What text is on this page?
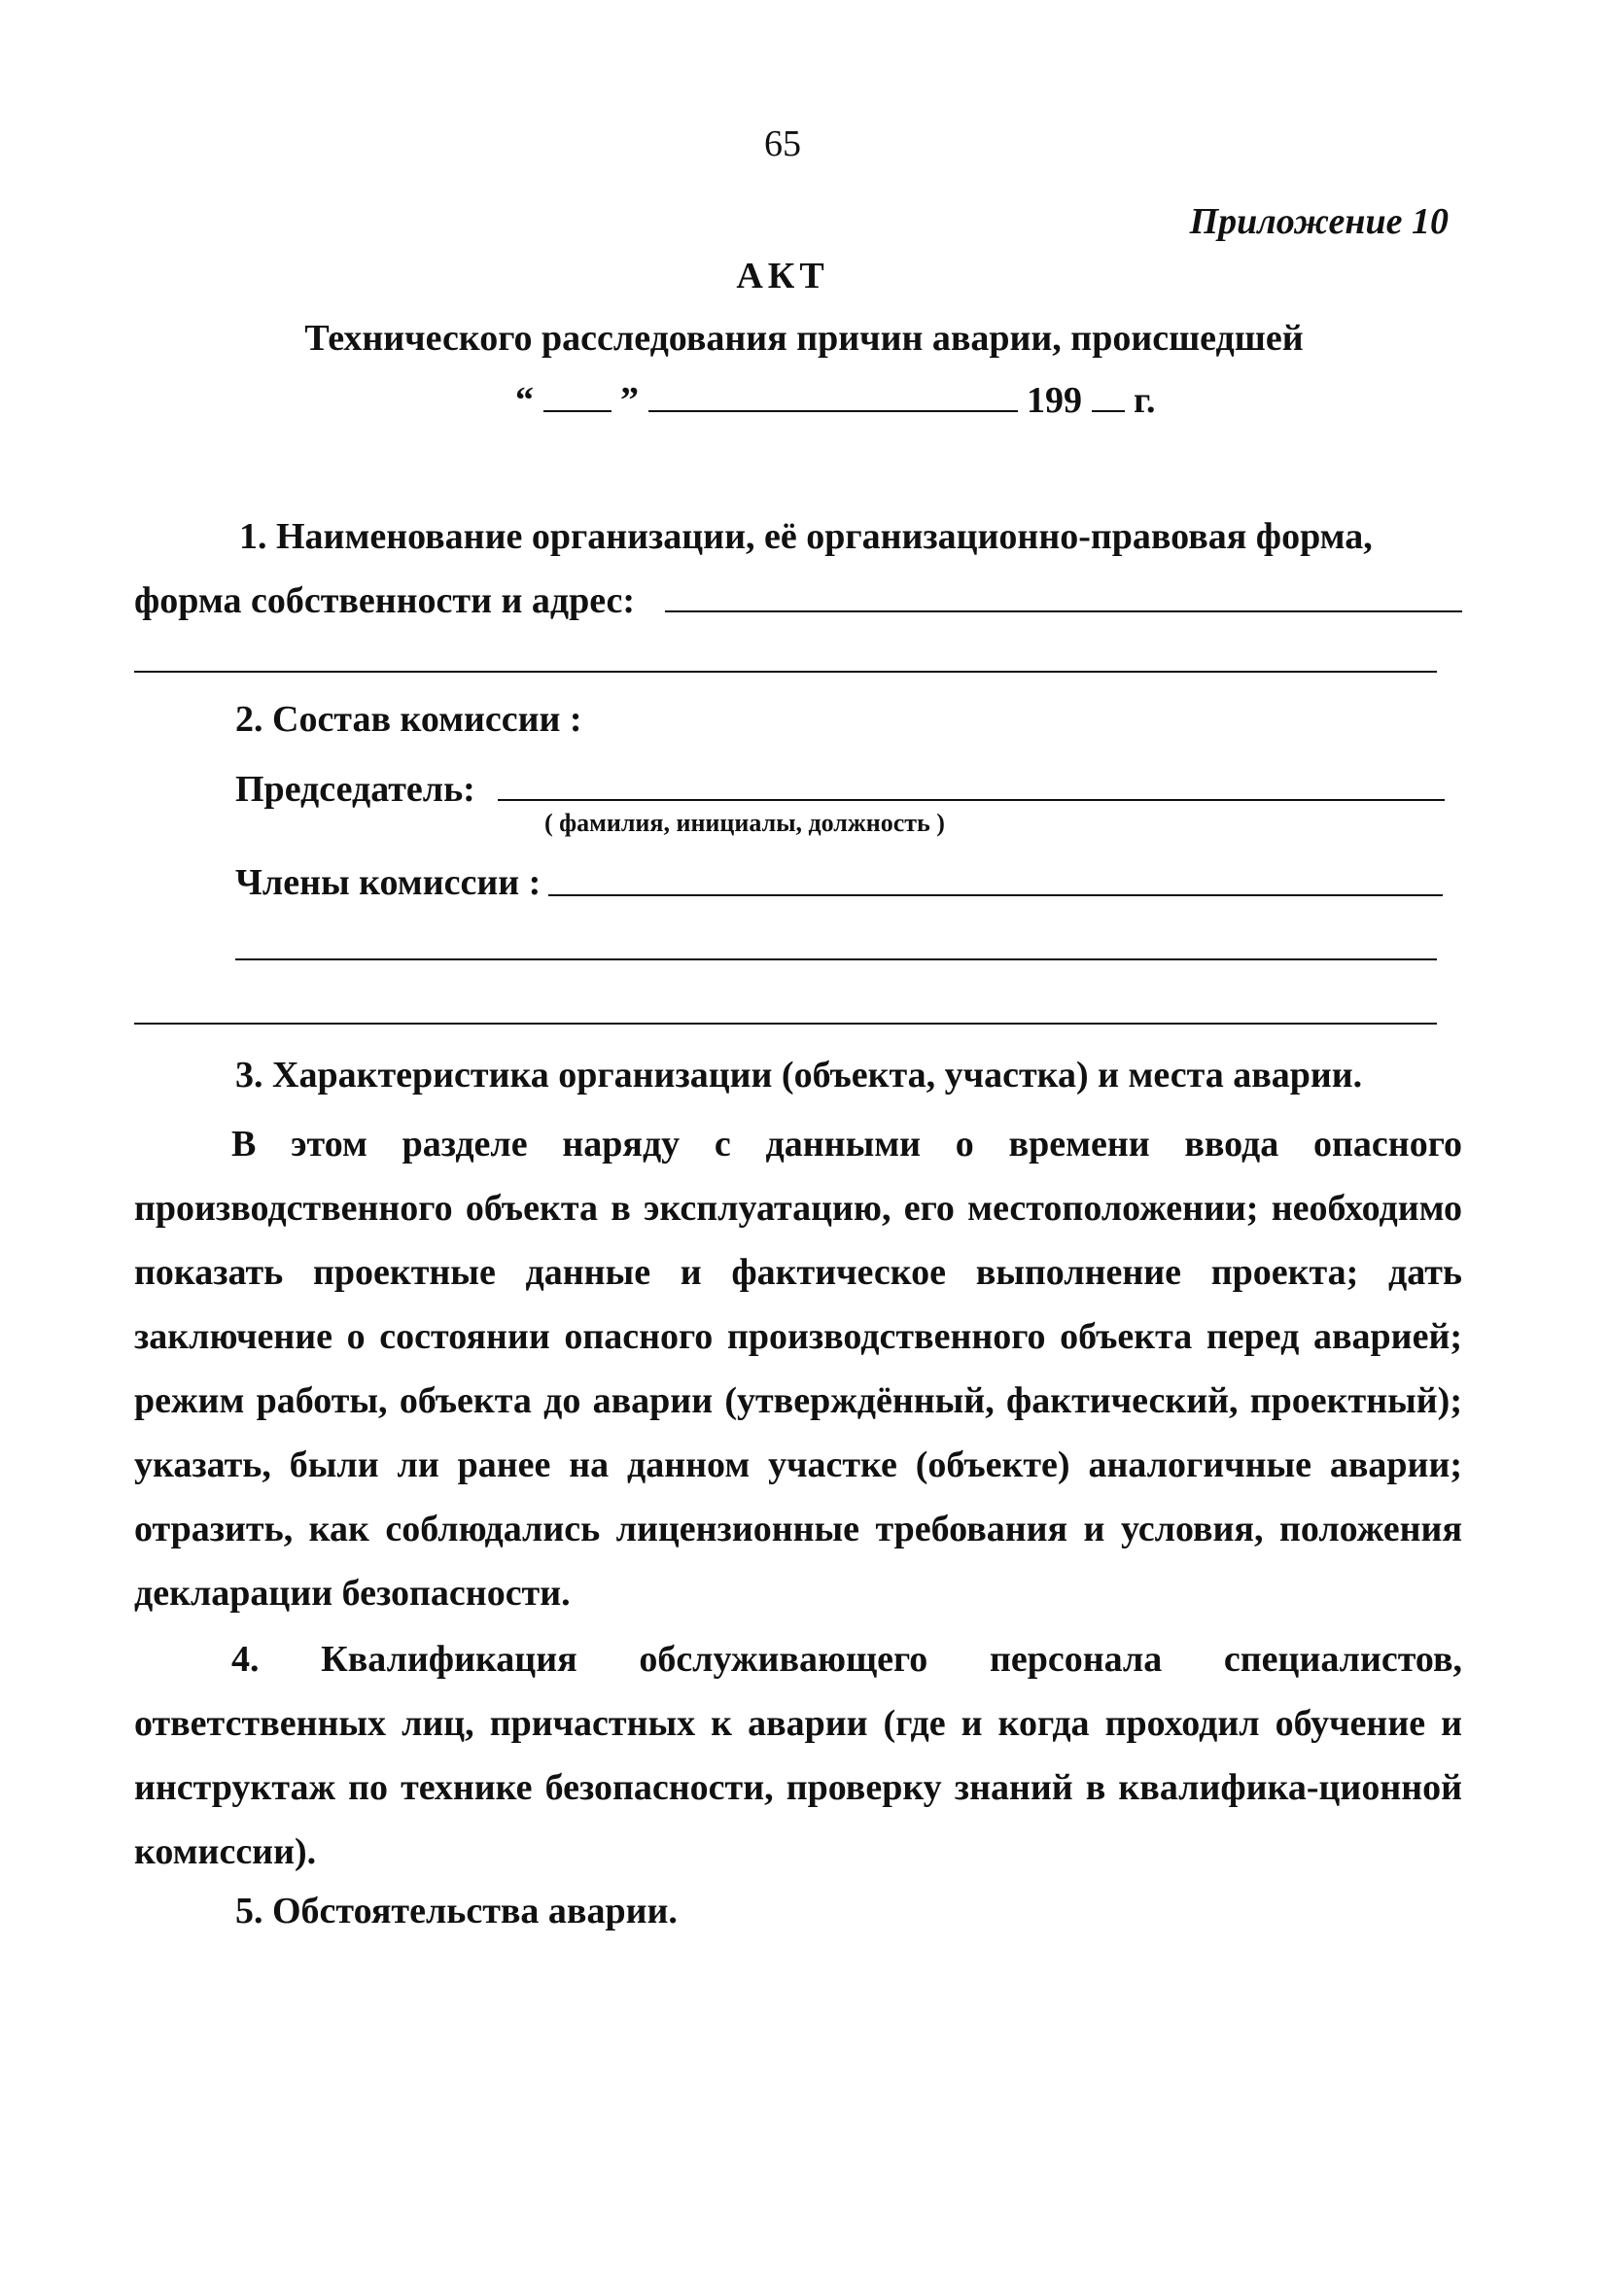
65
Приложение 10
АКТ
Технического расследования причин аварии, происшедшей
“ ”	199 г.
1. Наименование организации, её организационно-правовая форма,
форма собственности и адрес:
2. Состав комиссии :
Председатель:
( фамилия, инициалы, должность )
Члены комиссии :
3. Характеристика организации (объекта, участка) и места аварии.

В этом разделе наряду с данными о времени ввода опасного производственного объекта в эксплуатацию, его местоположении; необходимо показать проектные данные и фактическое выполнение проекта; дать заключение о состоянии опасного производственного объекта перед аварией; режим работы, объекта до аварии (утверждённый, фактический, проектный); указать, были ли ранее на данном участке (объекте) аналогичные аварии; отразить, как соблюдались лицензионные требования и условия, положения декларации безопасности.

4. Квалификация обслуживающего персонала специалистов, ответственных лиц, причастных к аварии (где и когда проходил обучение и инструктаж по технике безопасности, проверку знаний в квалифика-ционной комиссии).

5. Обстоятельства аварии.
